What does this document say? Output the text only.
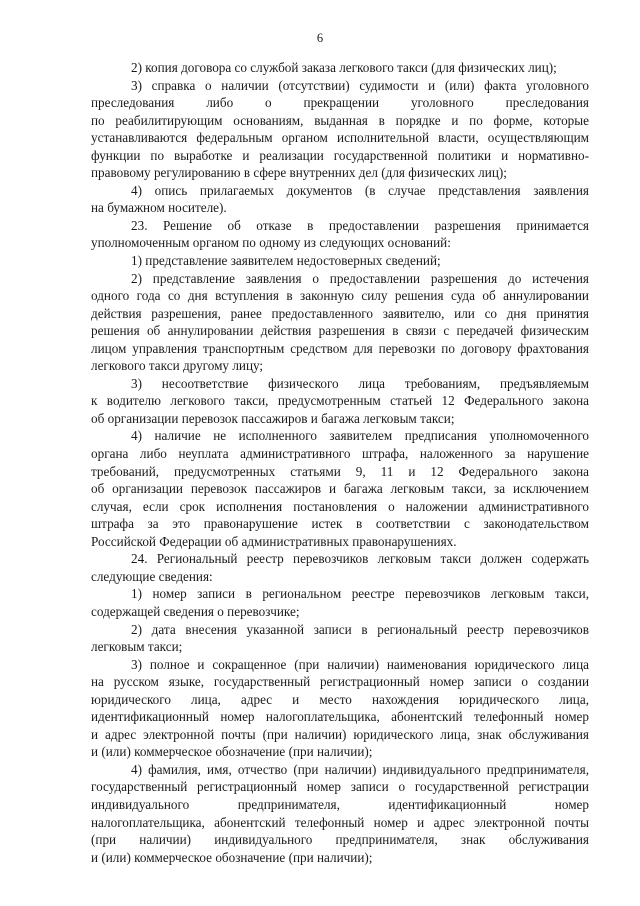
6
2) копия договора со службой заказа легкового такси (для физических лиц);
3) справка о наличии (отсутствии) судимости и (или) факта уголовного
преследования либо о прекращении уголовного преследования
по реабилитирующим основаниям, выданная в порядке и по форме, которые
устанавливаются федеральным органом исполнительной власти, осуществляющим
функции по выработке и реализации государственной политики и нормативно-
правовому регулированию в сфере внутренних дел (для физических лиц);
4) опись прилагаемых документов (в случае представления заявления
на бумажном носителе).
23. Решение об отказе в предоставлении разрешения принимается
уполномоченным органом по одному из следующих оснований:
1) представление заявителем недостоверных сведений;
2) представление заявления о предоставлении разрешения до истечения
одного года со дня вступления в законную силу решения суда об аннулировании
действия разрешения, ранее предоставленного заявителю, или со дня принятия
решения об аннулировании действия разрешения в связи с передачей физическим
лицом управления транспортным средством для перевозки по договору фрахтования
легкового такси другому лицу;
3) несоответствие физического лица требованиям, предъявляемым
к водителю легкового такси, предусмотренным статьей 12 Федерального закона
об организации перевозок пассажиров и багажа легковым такси;
4) наличие не исполненного заявителем предписания уполномоченного
органа либо неуплата административного штрафа, наложенного за нарушение
требований, предусмотренных статьями 9, 11 и 12 Федерального закона
об организации перевозок пассажиров и багажа легковым такси, за исключением
случая, если срок исполнения постановления о наложении административного
штрафа за это правонарушение истек в соответствии с законодательством
Российской Федерации об административных правонарушениях.
24. Региональный реестр перевозчиков легковым такси должен содержать
следующие сведения:
1) номер записи в региональном реестре перевозчиков легковым такси,
содержащей сведения о перевозчике;
2) дата внесения указанной записи в региональный реестр перевозчиков
легковым такси;
3) полное и сокращенное (при наличии) наименования юридического лица
на русском языке, государственный регистрационный номер записи о создании
юридического лица, адрес и место нахождения юридического лица,
идентификационный номер налогоплательщика, абонентский телефонный номер
и адрес электронной почты (при наличии) юридического лица, знак обслуживания
и (или) коммерческое обозначение (при наличии);
4) фамилия, имя, отчество (при наличии) индивидуального предпринимателя,
государственный регистрационный номер записи о государственной регистрации
индивидуального предпринимателя, идентификационный номер
налогоплательщика, абонентский телефонный номер и адрес электронной почты
(при наличии) индивидуального предпринимателя, знак обслуживания
и (или) коммерческое обозначение (при наличии);
